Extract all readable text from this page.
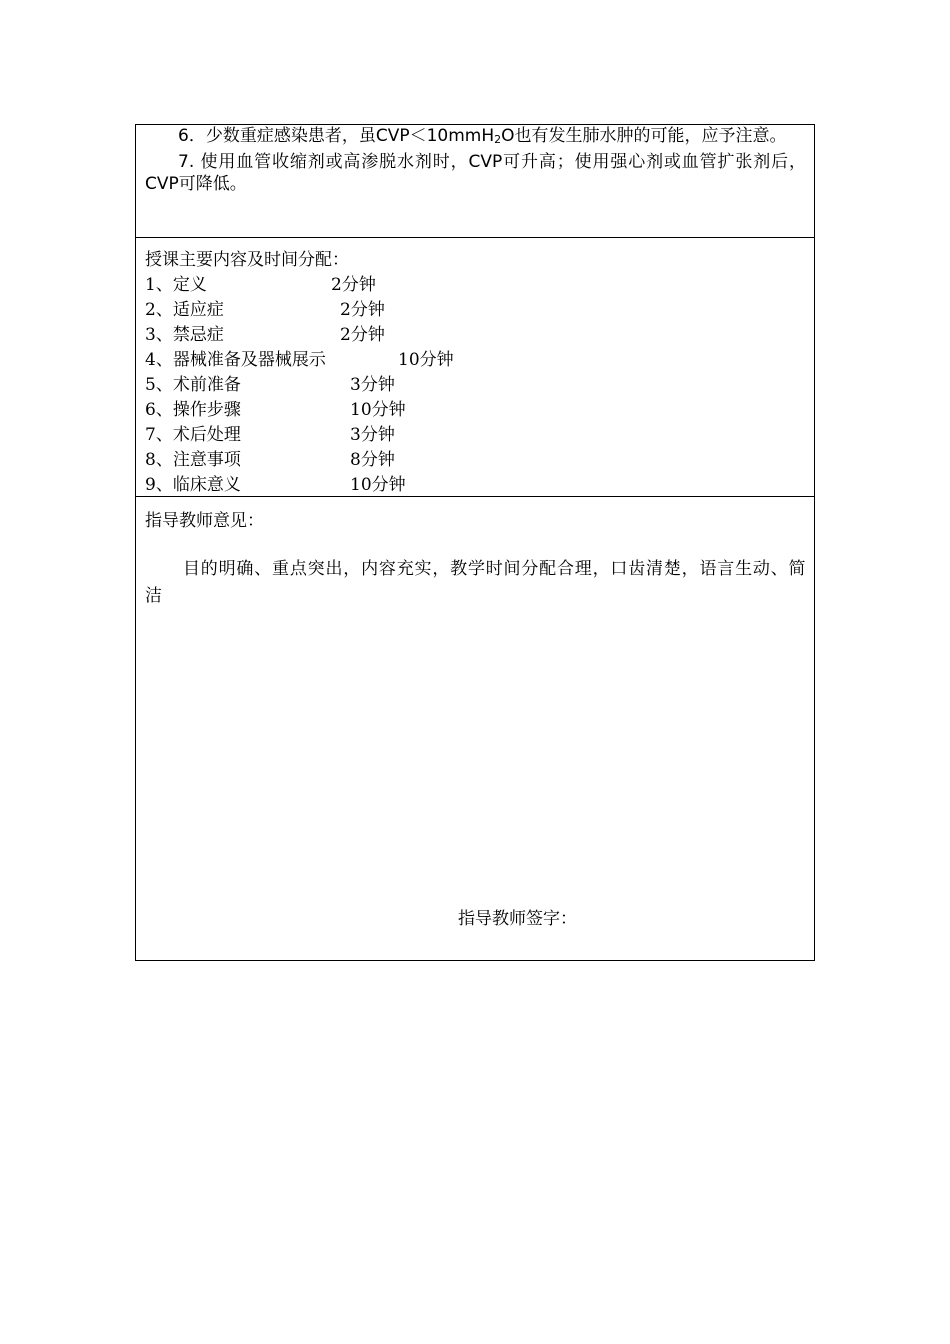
6．少数重症感染患者，虽CVP＜10mmH2O也有发生肺水肿的可能，应予注意。

7. 使用血管收缩剂或高渗脱水剂时，CVP可升高；使用强心剂或血管扩张剂后，CVP可降低。

授课主要内容及时间分配：
1、定义	2分钟
2、适应症	2分钟
3、禁忌症	2分钟
4、器械准备及器械展示	10分钟
5、术前准备	3分钟
6、操作步骤	10分钟
7、术后处理	3分钟
8、注意事项	8分钟
9、临床意义	10分钟
指导教师意见：
目的明确、重点突出，内容充实，教学时间分配合理，口齿清楚，语言生动、简洁
指导教师签字：
